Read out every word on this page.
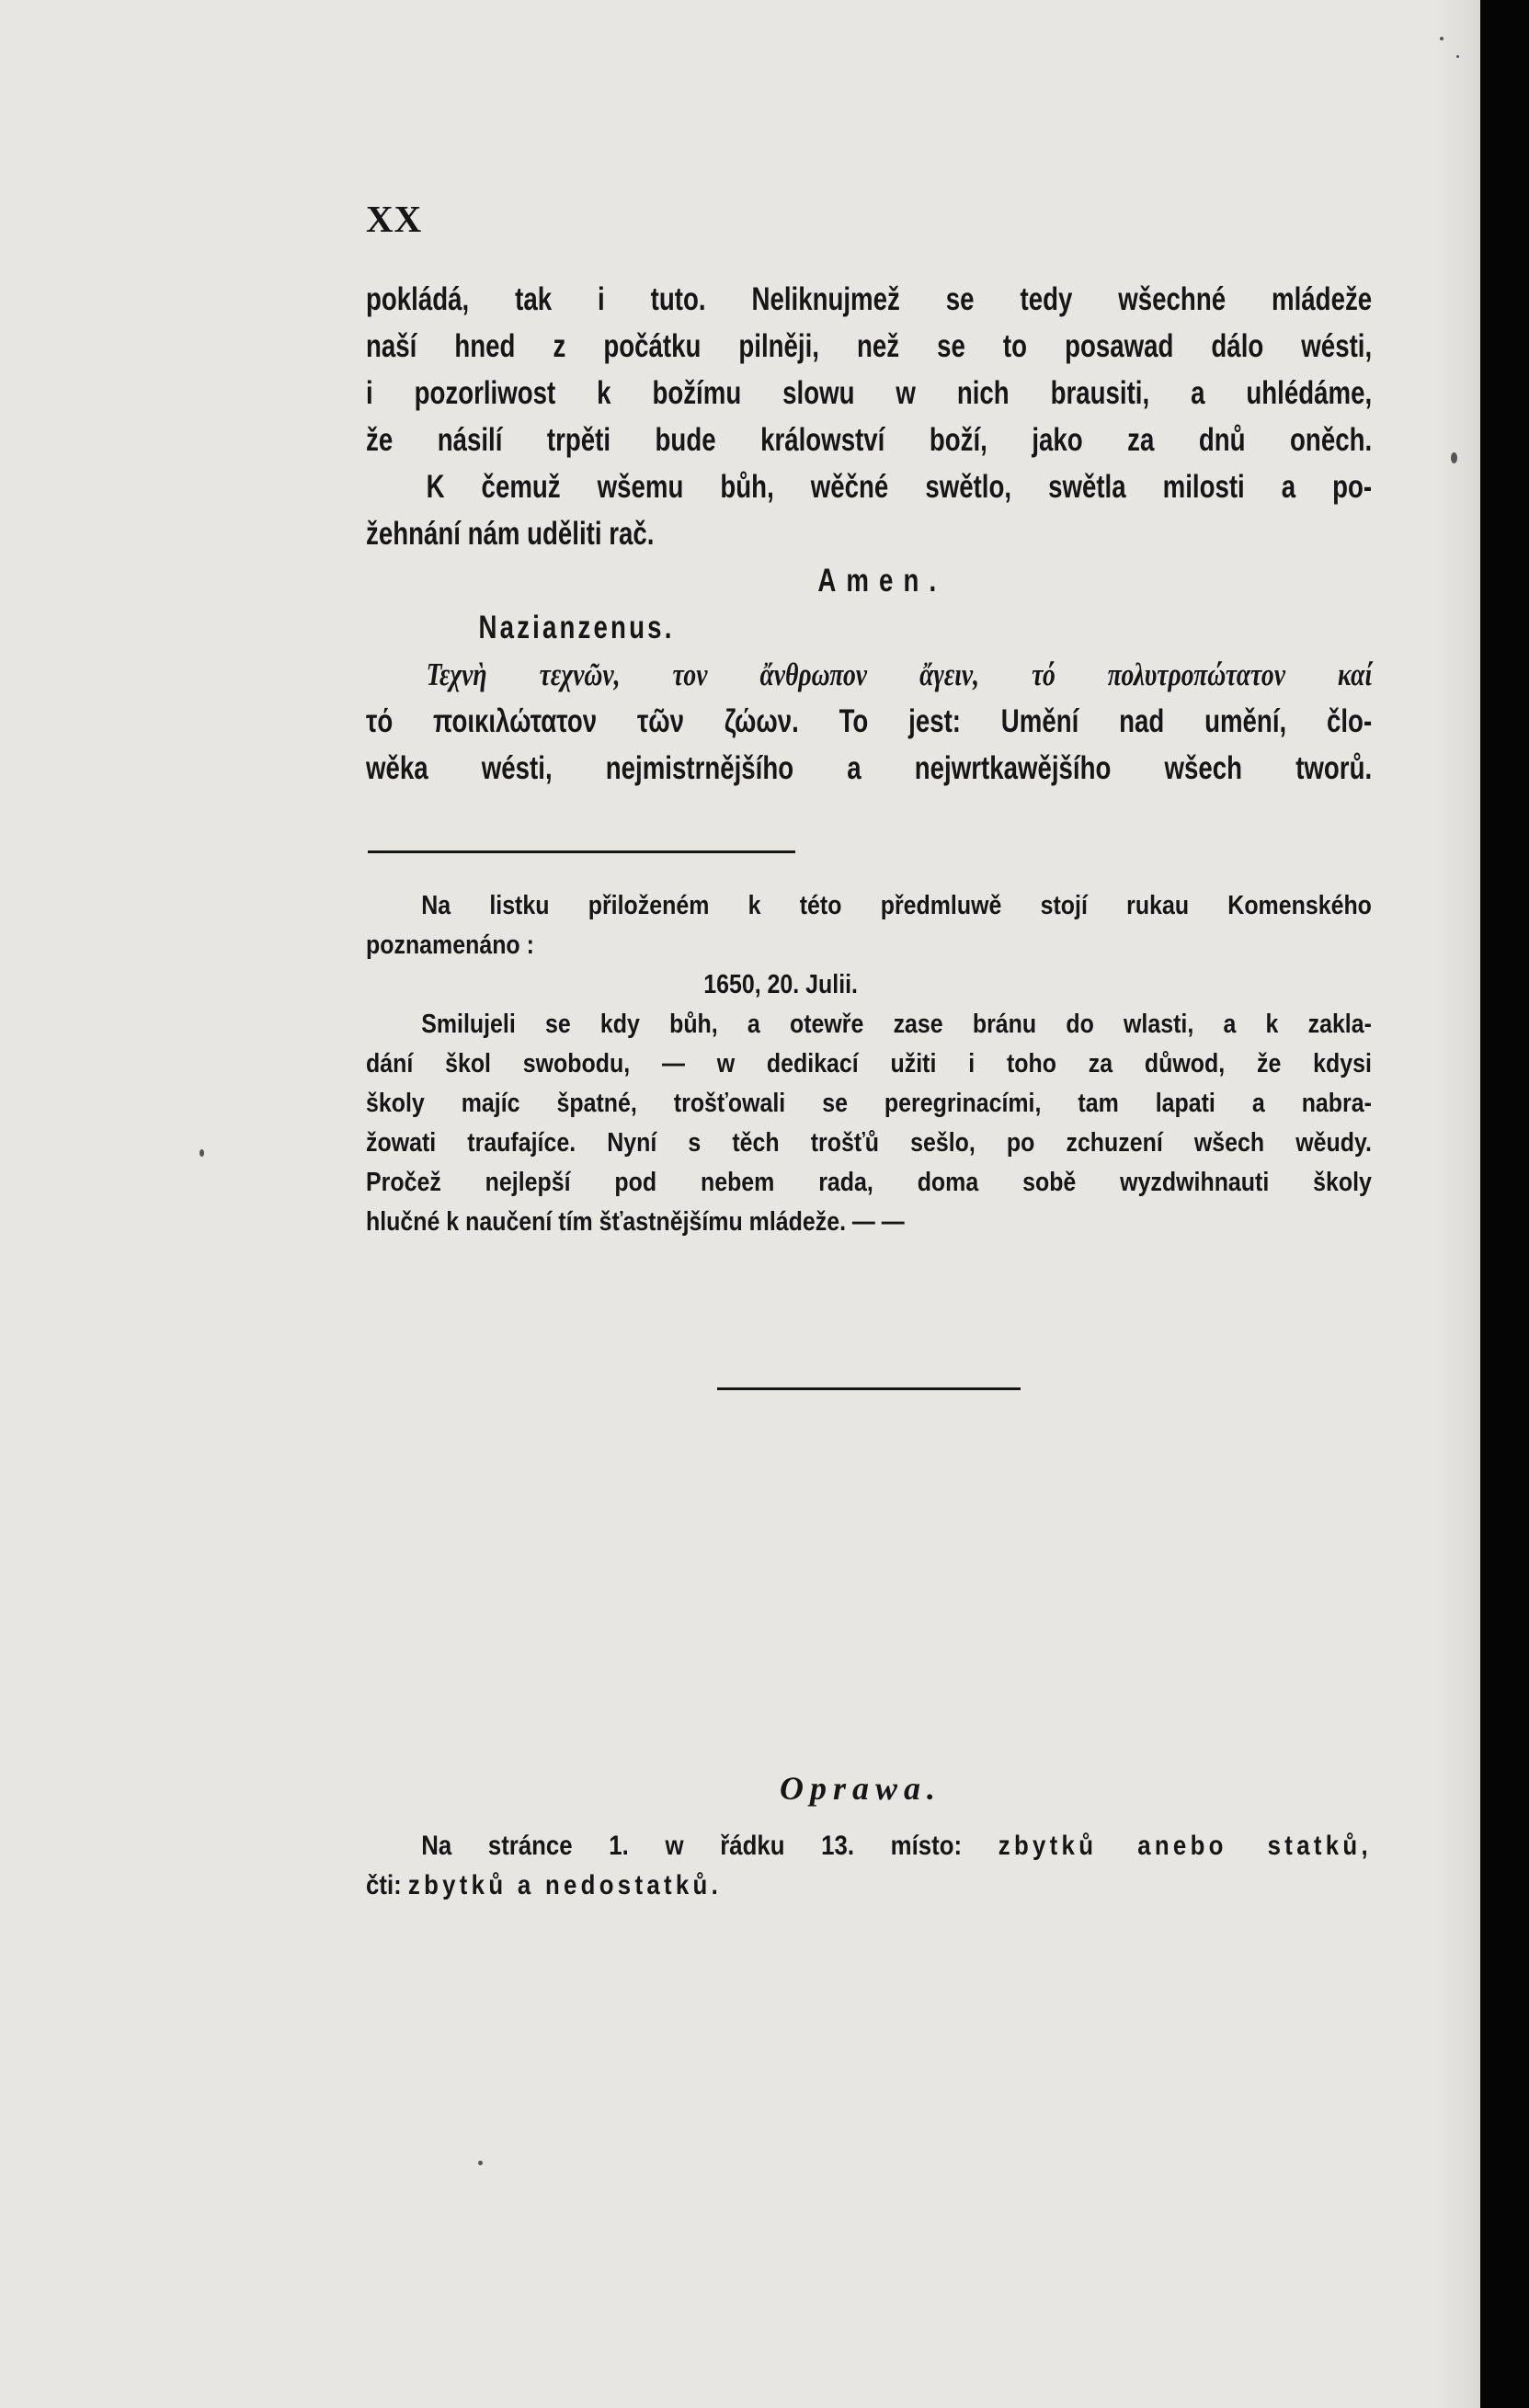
XX
pokládá, tak i tuto. Neliknujmež se tedy wšechné mládeže
naší hned z počátku pilněji, než se to posawad dálo wésti,
i pozorliwost k božímu slowu w nich brausiti, a uhlédáme,
že násilí trpěti bude králowství boží, jako za dnů oněch.
K čemuž wšemu bůh, wěčné swětlo, swětla milosti a po-
žehnání nám uděliti rač.
Amen.
Nazianzenus.
Τεχνὴ τεχνῶν, τον ἄνθρωπον ἄγειν, τό πολυτροπώτατον καί
τό ποικιλώτατον τῶν ζώων. To jest: Umění nad umění, člo-
wěka wésti, nejmistrnějšího a nejwrtkawějšího wšech tworů.
Na listku přiloženém k této předmluwě stojí rukau Komenského
poznamenáno :
1650, 20. Julii.
Smilujeli se kdy bůh, a otewře zase bránu do wlasti, a k zakla-
dání škol swobodu, — w dedikací užiti i toho za důwod, že kdysi
školy majíc špatné, trošťowali se peregrinacími, tam lapati a nabra-
žowati traufajíce. Nyní s těch trošťů sešlo, po zchuzení wšech wěudy.
Pročež nejlepší pod nebem rada, doma sobě wyzdwihnauti školy
hlučné k naučení tím šťastnějšímu mládeže. — —
Oprawa.
Na stránce 1. w řádku 13. místo: zbytků anebo statků,
čti: zbytků a nedostatků.
